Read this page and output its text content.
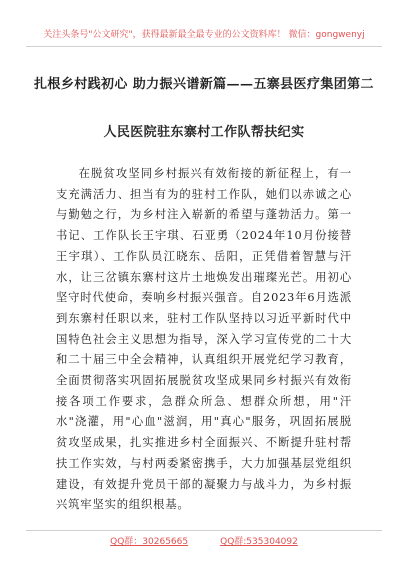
关注头条号"公文研究"，获得最新最全最专业的公文资料库！ 微信：gongwenyj
扎根乡村践初心 助力振兴谱新篇——五寨县医疗集团第二
人民医院驻东寨村工作队帮扶纪实

在脱贫攻坚同乡村振兴有效衔接的新征程上，有一支充满活力、担当有为的驻村工作队，她们以赤诚之心与勤勉之行，为乡村注入崭新的希望与蓬勃活力。第一书记、工作队长王宇琪、石亚勇（2024年10月份接替王宇琪）、工作队员江晓东、岳阳，正凭借着智慧与汗水，让三岔镇东寨村这片土地焕发出璀璨光芒。用初心坚守时代使命，奏响乡村振兴强音。自2023年6月选派到东寨村任职以来，驻村工作队坚持以习近平新时代中国特色社会主义思想为指导，深入学习宣传党的二十大和二十届三中全会精神，认真组织开展党纪学习教育，全面贯彻落实巩固拓展脱贫攻坚成果同乡村振兴有效衔接各项工作要求，急群众所急、想群众所想，用"汗水"浇灌，用"心血"滋润，用"真心"服务，巩固拓展脱贫攻坚成果，扎实推进乡村全面振兴、不断提升驻村帮扶工作实效，与村两委紧密携手，大力加强基层党组织建设，有效提升党员干部的凝聚力与战斗力，为乡村振兴筑牢坚实的组织根基。

QQ群：30265665	QQ群:535304092
